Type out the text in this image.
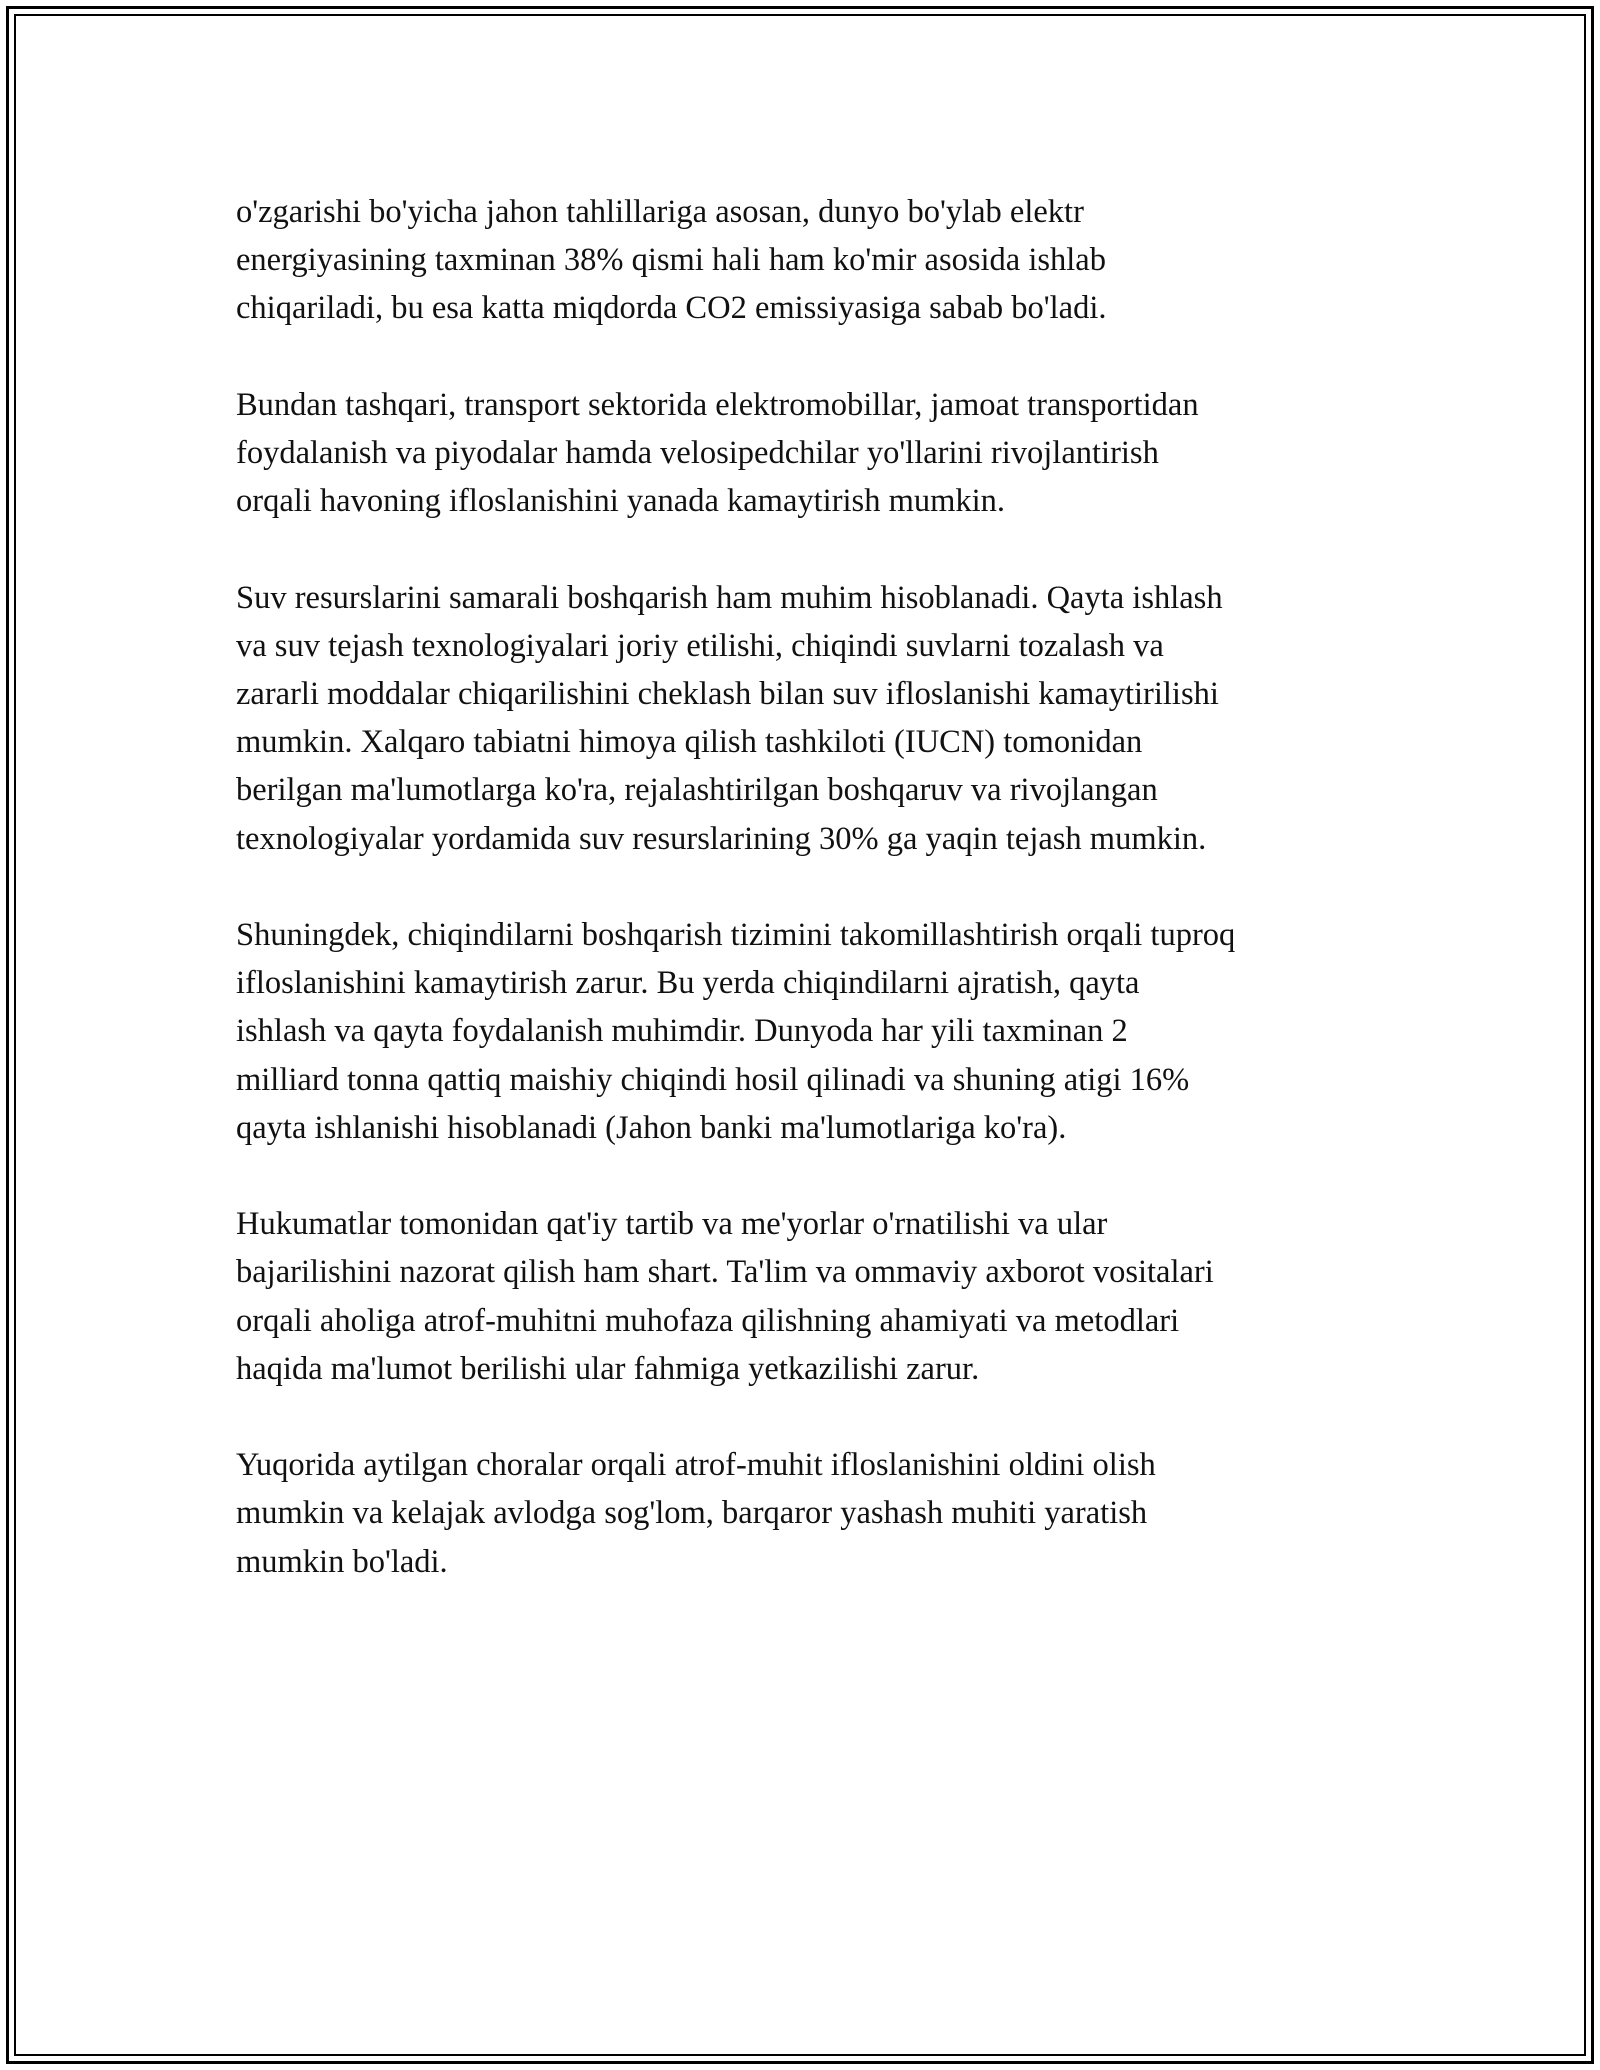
o'zgarishi bo'yicha jahon tahlillariga asosan, dunyo bo'ylab elektr
energiyasining taxminan 38% qismi hali ham ko'mir asosida ishlab
chiqariladi, bu esa katta miqdorda CO2 emissiyasiga sabab bo'ladi.

Bundan tashqari, transport sektorida elektromobillar, jamoat transportidan
foydalanish va piyodalar hamda velosipedchilar yo'llarini rivojlantirish
orqali havoning ifloslanishini yanada kamaytirish mumkin.

Suv resurslarini samarali boshqarish ham muhim hisoblanadi. Qayta ishlash
va suv tejash texnologiyalari joriy etilishi, chiqindi suvlarni tozalash va
zararli moddalar chiqarilishini cheklash bilan suv ifloslanishi kamaytirilishi
mumkin. Xalqaro tabiatni himoya qilish tashkiloti (IUCN) tomonidan
berilgan ma'lumotlarga ko'ra, rejalashtirilgan boshqaruv va rivojlangan
texnologiyalar yordamida suv resurslarining 30% ga yaqin tejash mumkin.

Shuningdek, chiqindilarni boshqarish tizimini takomillashtirish orqali tuproq
ifloslanishini kamaytirish zarur. Bu yerda chiqindilarni ajratish, qayta
ishlash va qayta foydalanish muhimdir. Dunyoda har yili taxminan 2
milliard tonna qattiq maishiy chiqindi hosil qilinadi va shuning atigi 16%
qayta ishlanishi hisoblanadi (Jahon banki ma'lumotlariga ko'ra).

Hukumatlar tomonidan qat'iy tartib va me'yorlar o'rnatilishi va ular
bajarilishini nazorat qilish ham shart. Ta'lim va ommaviy axborot vositalari
orqali aholiga atrof-muhitni muhofaza qilishning ahamiyati va metodlari
haqida ma'lumot berilishi ular fahmiga yetkazilishi zarur.

Yuqorida aytilgan choralar orqali atrof-muhit ifloslanishini oldini olish
mumkin va kelajak avlodga sog'lom, barqaror yashash muhiti yaratish
mumkin bo'ladi.
